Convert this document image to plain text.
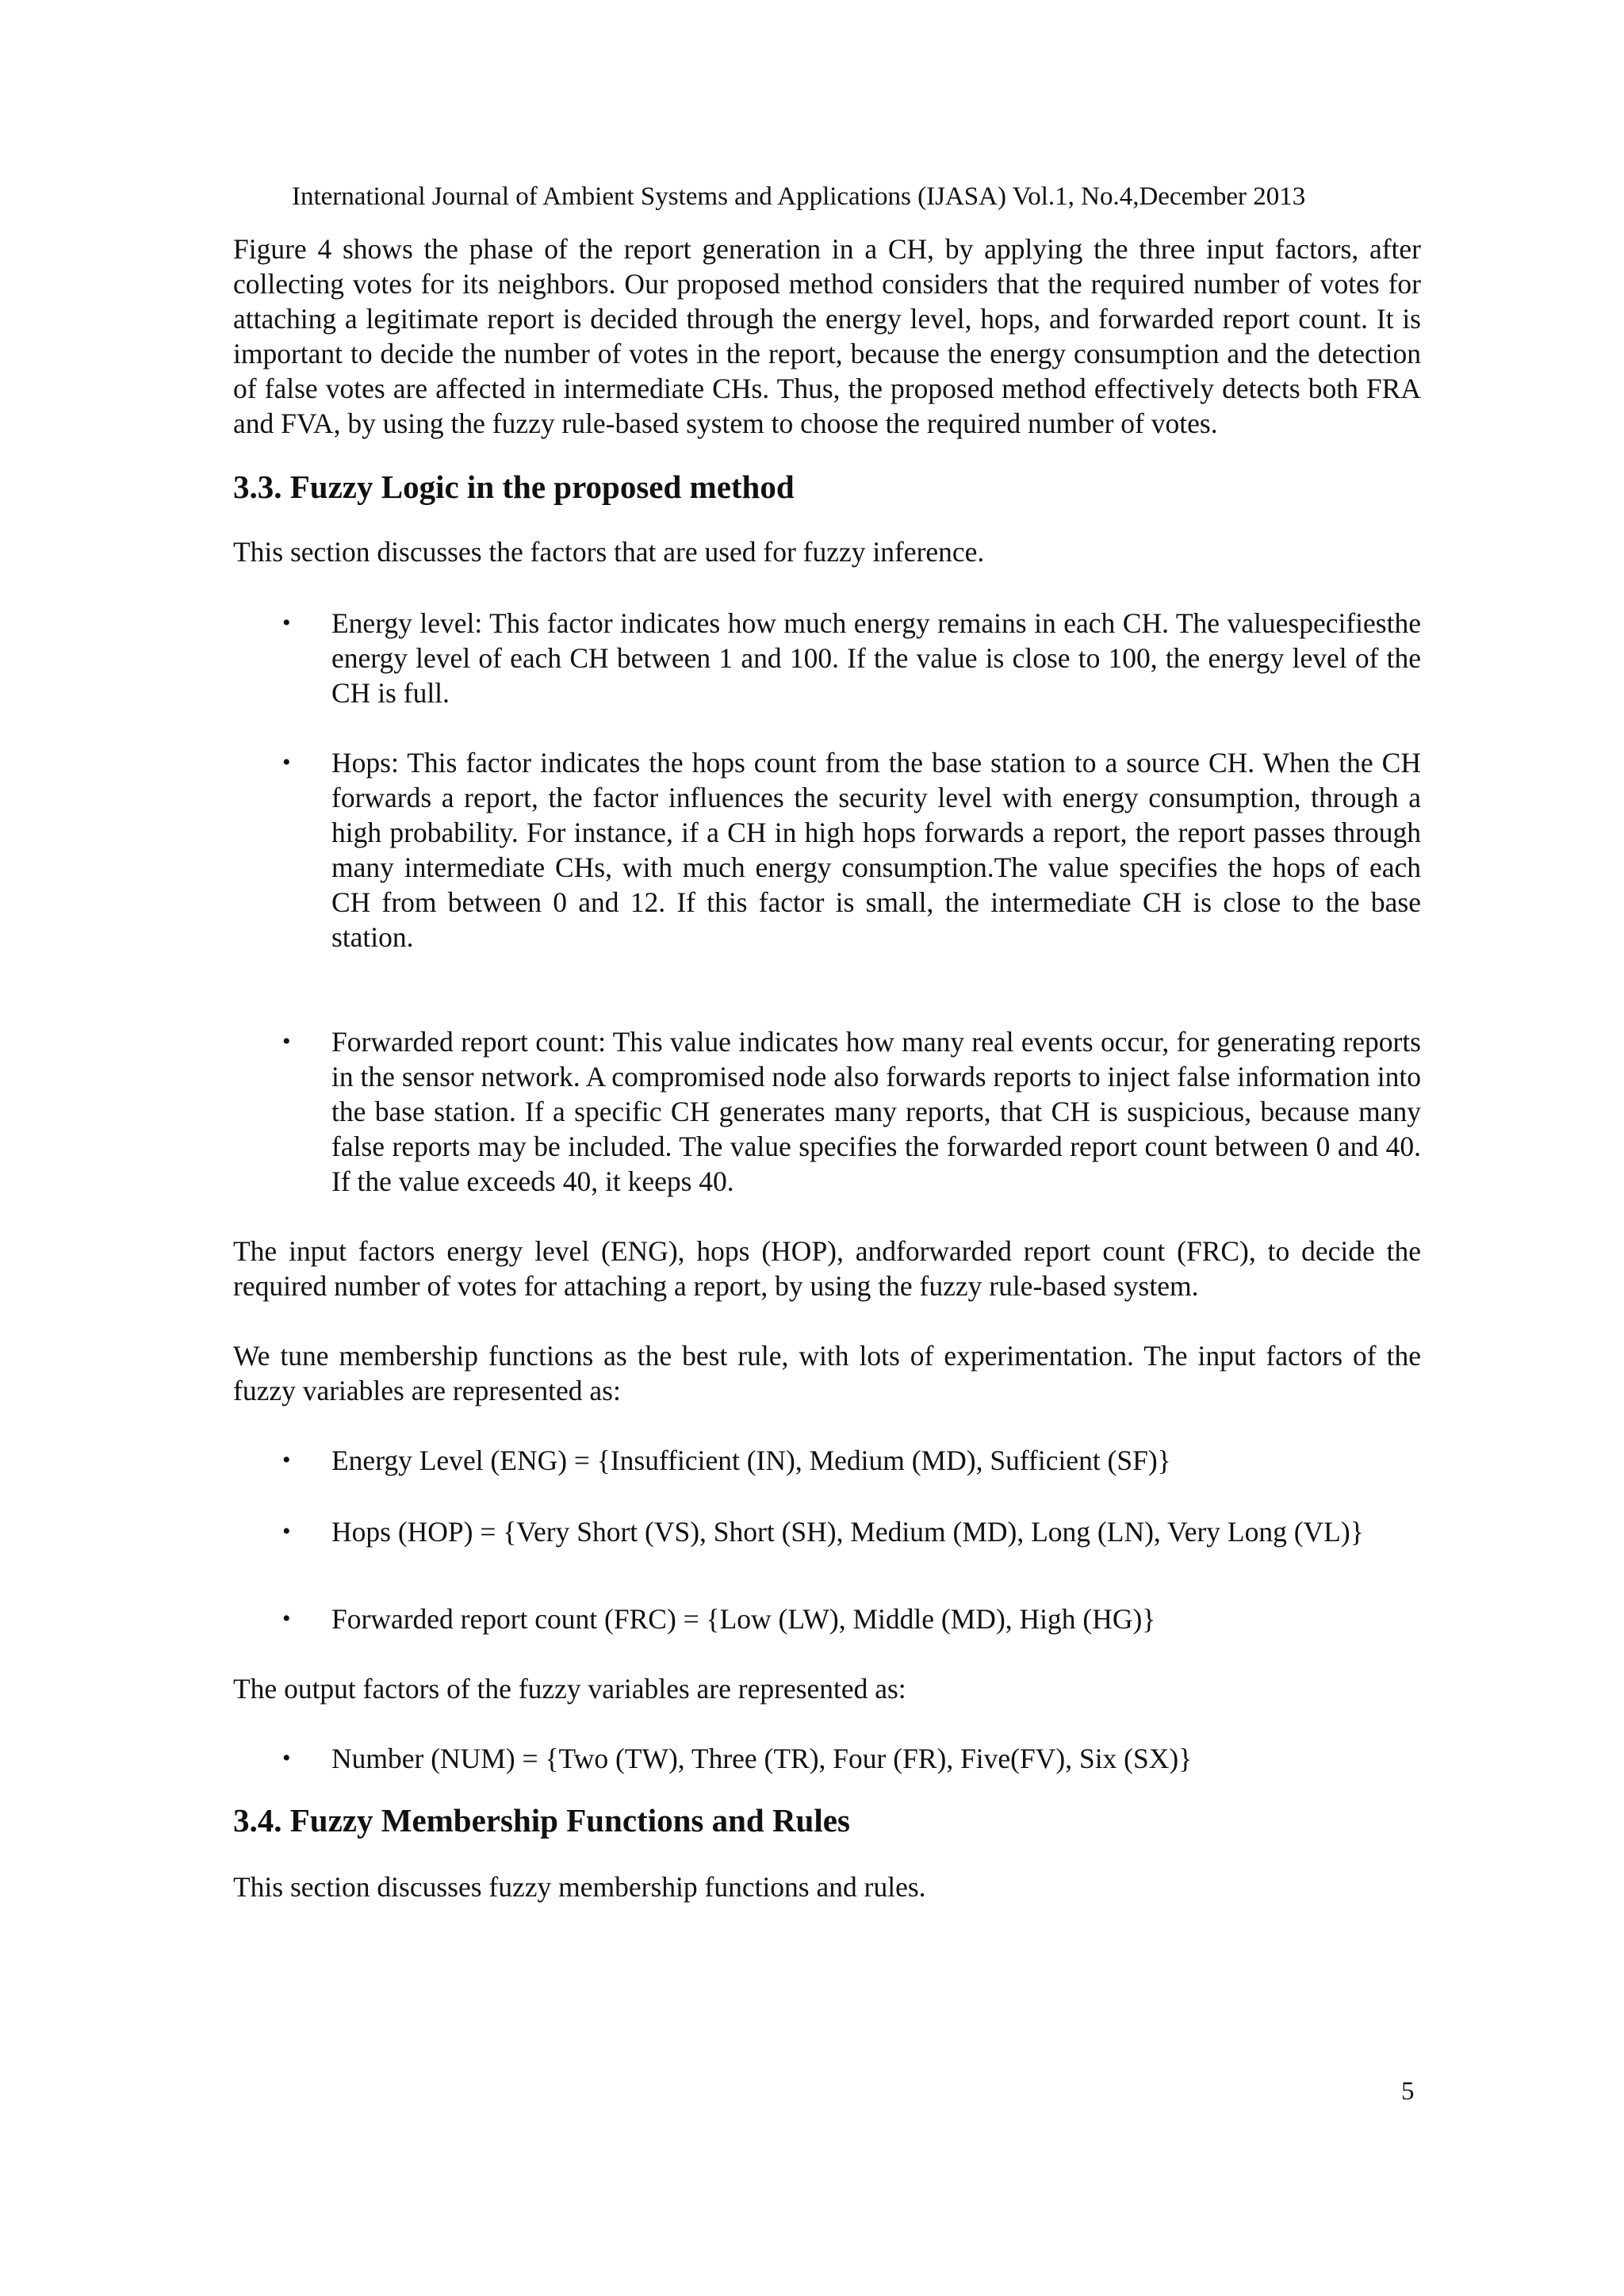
International Journal of Ambient Systems and Applications (IJASA) Vol.1, No.4,December 2013

Figure 4 shows the phase of the report generation in a CH, by applying the three input factors, after collecting votes for its neighbors. Our proposed method considers that the required number of votes for attaching a legitimate report is decided through the energy level, hops, and forwarded report count. It is important to decide the number of votes in the report, because the energy consumption and the detection of false votes are affected in intermediate CHs. Thus, the proposed method effectively detects both FRA and FVA, by using the fuzzy rule-based system to choose the required number of votes.

3.3. Fuzzy Logic in the proposed method

This section discusses the factors that are used for fuzzy inference.

• Energy level: This factor indicates how much energy remains in each CH. The valuespecifiesthe energy level of each CH between 1 and 100. If the value is close to 100, the energy level of the CH is full.
• Hops: This factor indicates the hops count from the base station to a source CH. When the CH forwards a report, the factor influences the security level with energy consumption, through a high probability. For instance, if a CH in high hops forwards a report, the report passes through many intermediate CHs, with much energy consumption.The value specifies the hops of each CH from between 0 and 12. If this factor is small, the intermediate CH is close to the base station.
• Forwarded report count: This value indicates how many real events occur, for generating reports in the sensor network. A compromised node also forwards reports to inject false information into the base station. If a specific CH generates many reports, that CH is suspicious, because many false reports may be included. The value specifies the forwarded report count between 0 and 40. If the value exceeds 40, it keeps 40.

The input factors energy level (ENG), hops (HOP), andforwarded report count (FRC), to decide the required number of votes for attaching a report, by using the fuzzy rule-based system.

We tune membership functions as the best rule, with lots of experimentation. The input factors of the fuzzy variables are represented as:

• Energy Level (ENG) = {Insufficient (IN), Medium (MD), Sufficient (SF)}
• Hops (HOP) = {Very Short (VS), Short (SH), Medium (MD), Long (LN), Very Long (VL)}
• Forwarded report count (FRC) = {Low (LW), Middle (MD), High (HG)}

The output factors of the fuzzy variables are represented as:

• Number (NUM) = {Two (TW), Three (TR), Four (FR), Five(FV), Six (SX)}
3.4. Fuzzy Membership Functions and Rules

This section discusses fuzzy membership functions and rules.

5
